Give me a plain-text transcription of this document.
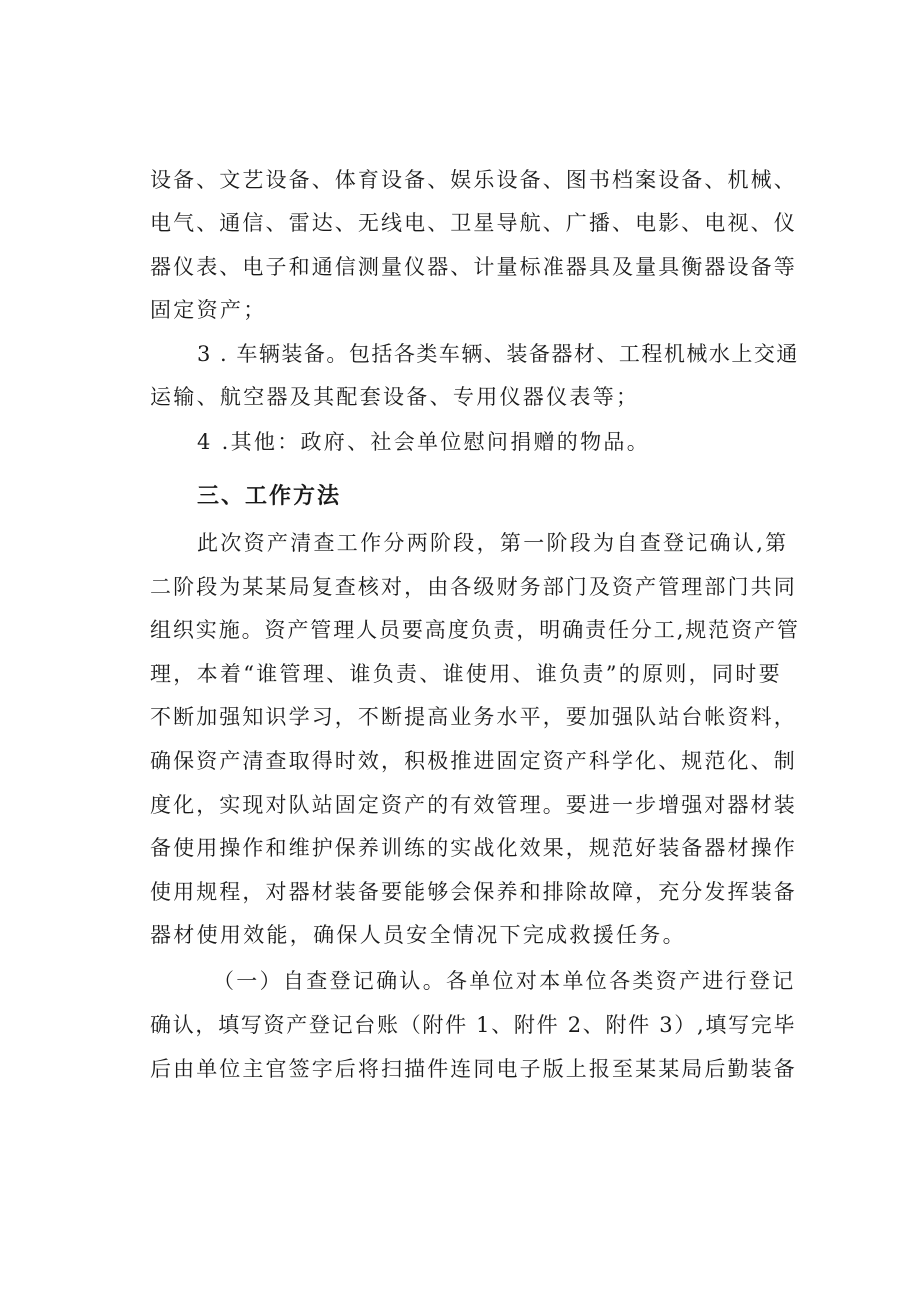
设备、文艺设备、体育设备、娱乐设备、图书档案设备、机械、
电气、通信、雷达、无线电、卫星导航、广播、电影、电视、仪
器仪表、电子和通信测量仪器、计量标准器具及量具衡器设备等
固定资产；
3 . 车辆装备。包括各类车辆、装备器材、工程机械水上交通
运输、航空器及其配套设备、专用仪器仪表等；
4 .其他：政府、社会单位慰问捐赠的物品。
三、工作方法
此次资产清查工作分两阶段，第一阶段为自查登记确认,第
二阶段为某某局复查核对，由各级财务部门及资产管理部门共同
组织实施。资产管理人员要高度负责，明确责任分工,规范资产管
理，本着“谁管理、谁负责、谁使用、谁负责”的原则，同时要
不断加强知识学习，不断提高业务水平，要加强队站台帐资料，
确保资产清查取得时效，积极推进固定资产科学化、规范化、制
度化，实现对队站固定资产的有效管理。要进一步增强对器材装
备使用操作和维护保养训练的实战化效果，规范好装备器材操作
使用规程，对器材装备要能够会保养和排除故障，充分发挥装备
器材使用效能，确保人员安全情况下完成救援任务。
（一）自查登记确认。各单位对本单位各类资产进行登记
确认，填写资产登记台账（附件 1、附件 2、附件 3）,填写完毕
后由单位主官签字后将扫描件连同电子版上报至某某局后勤装备
